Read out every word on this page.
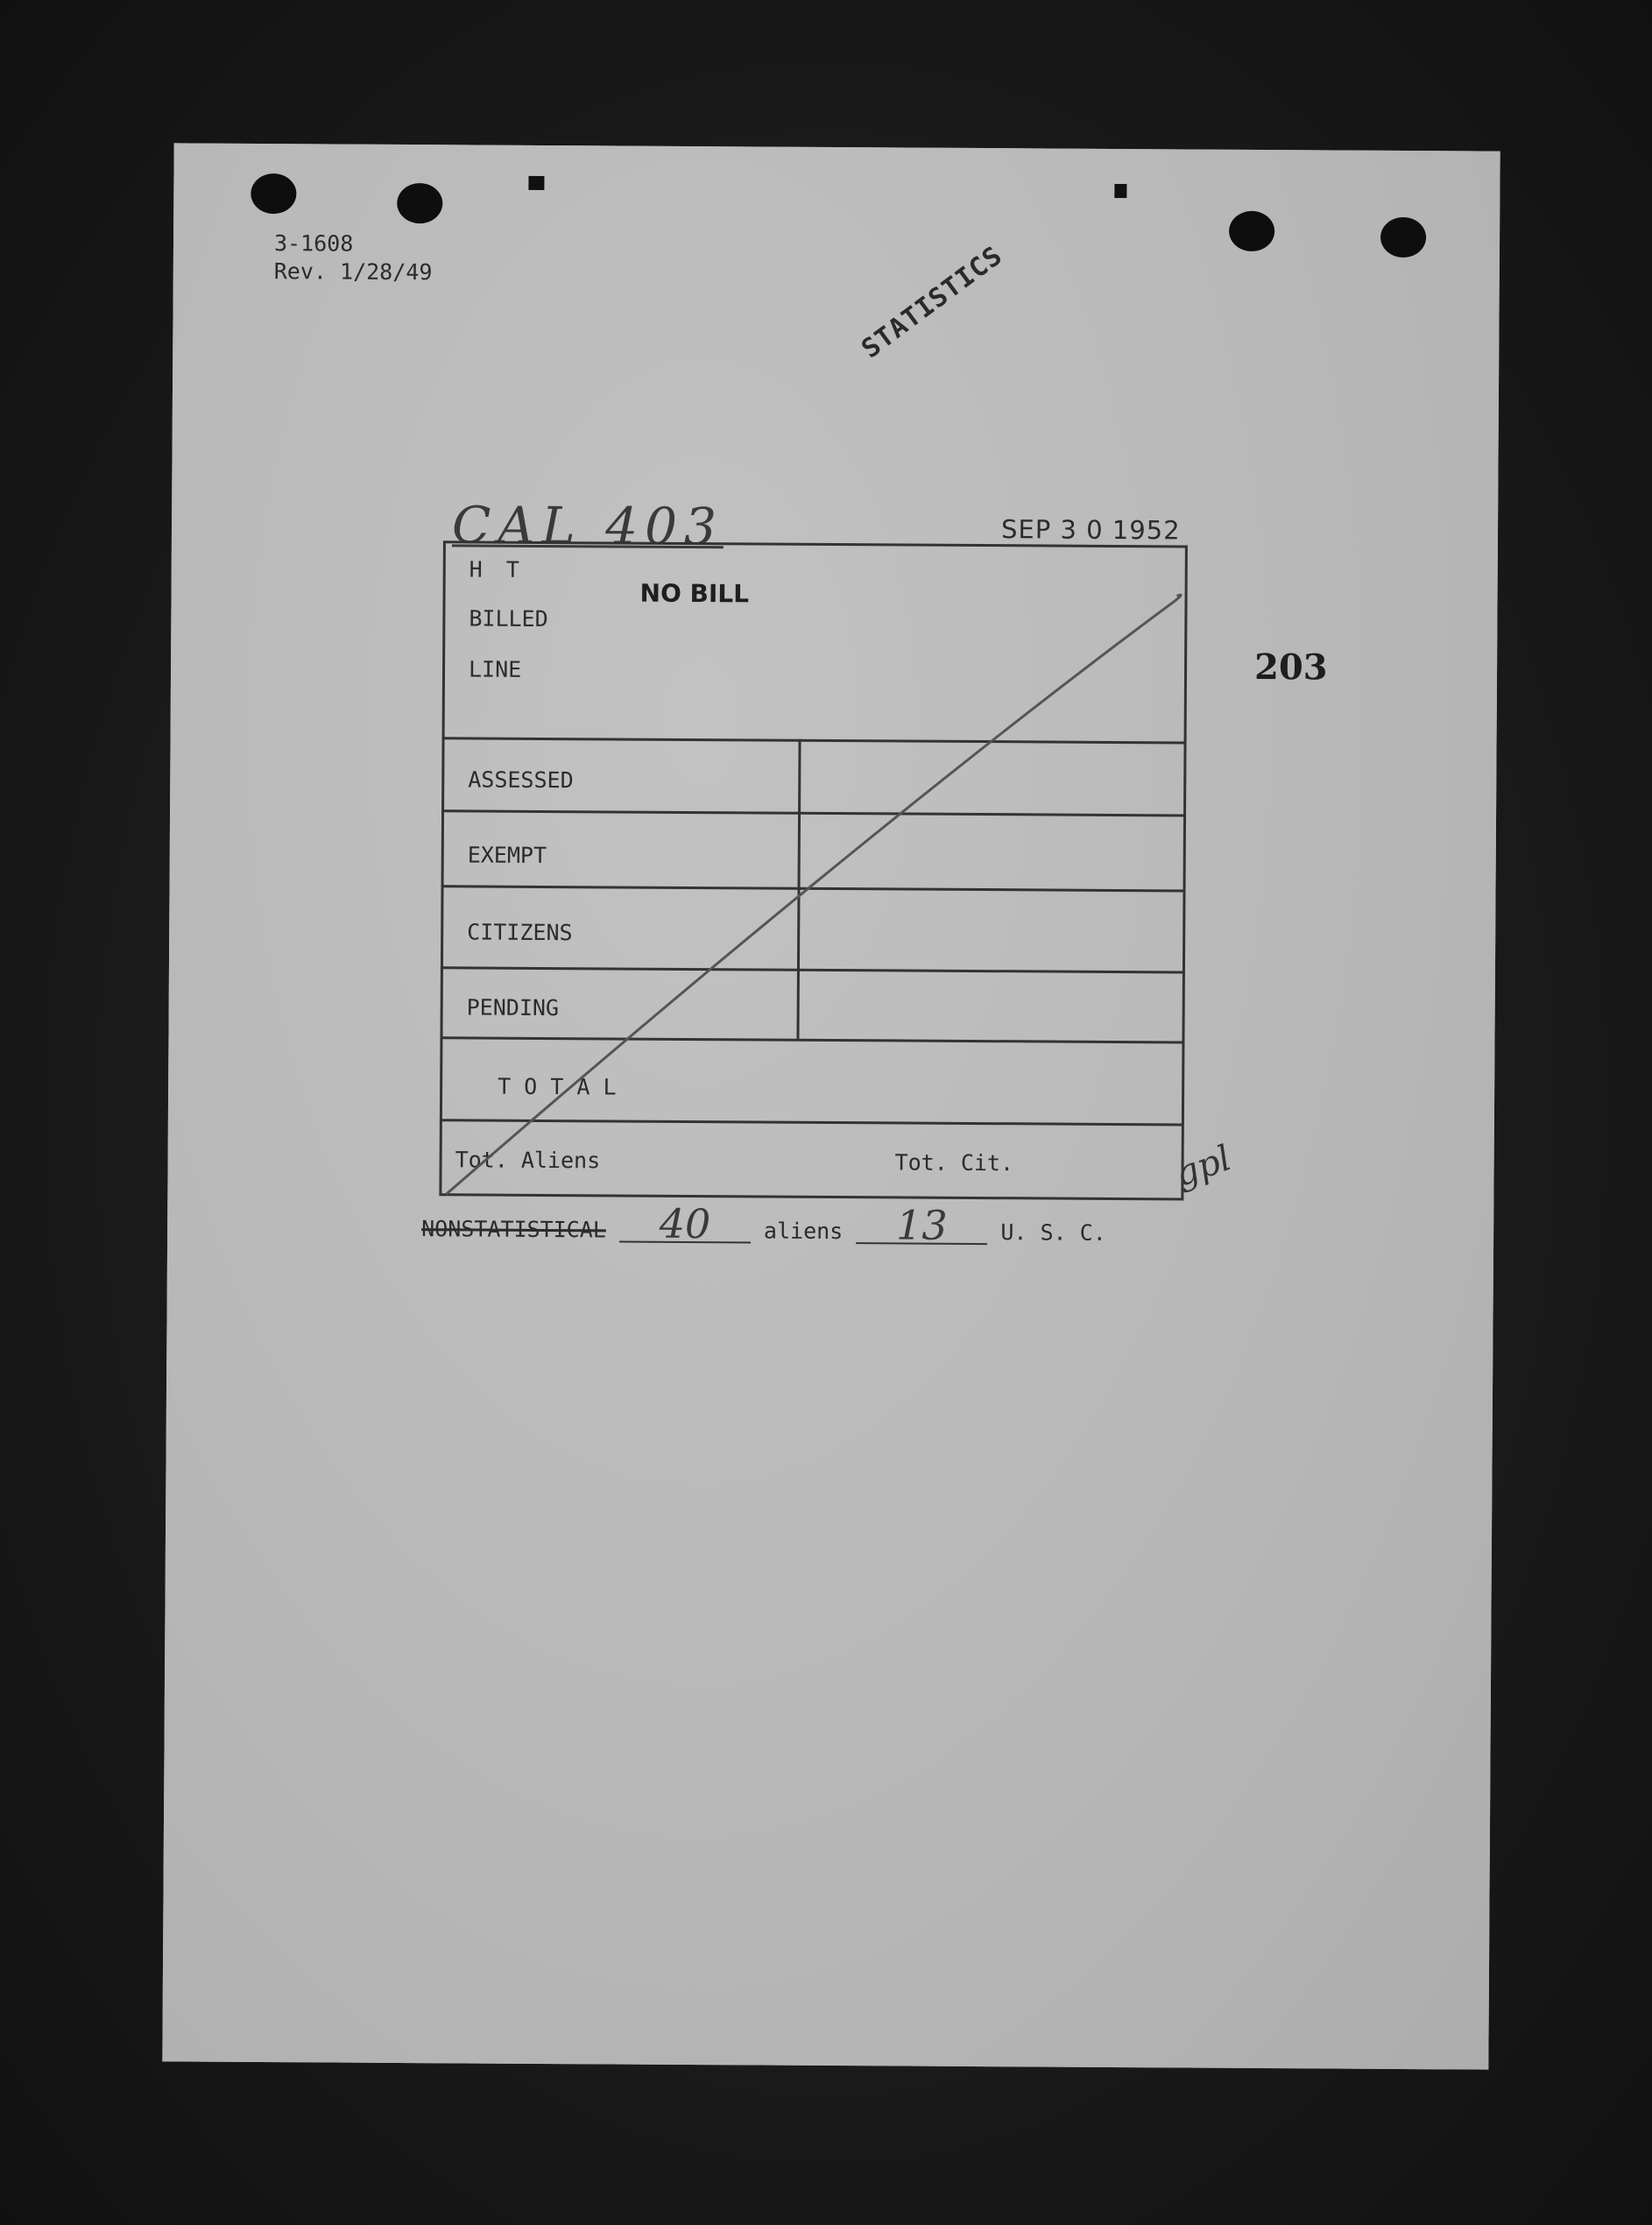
3-1608
Rev. 1/28/49	STATISTICS
CAL 403	SEP 3 0 1952
203
H T
BILLED
LINE
NO BILL
ASSESSED
EXEMPT
CITIZENS
PENDING
T O T A L
Tot. Aliens	Tot. Cit.
NONSTATISTICAL 40 aliens 13 U. S. C.
gpl
